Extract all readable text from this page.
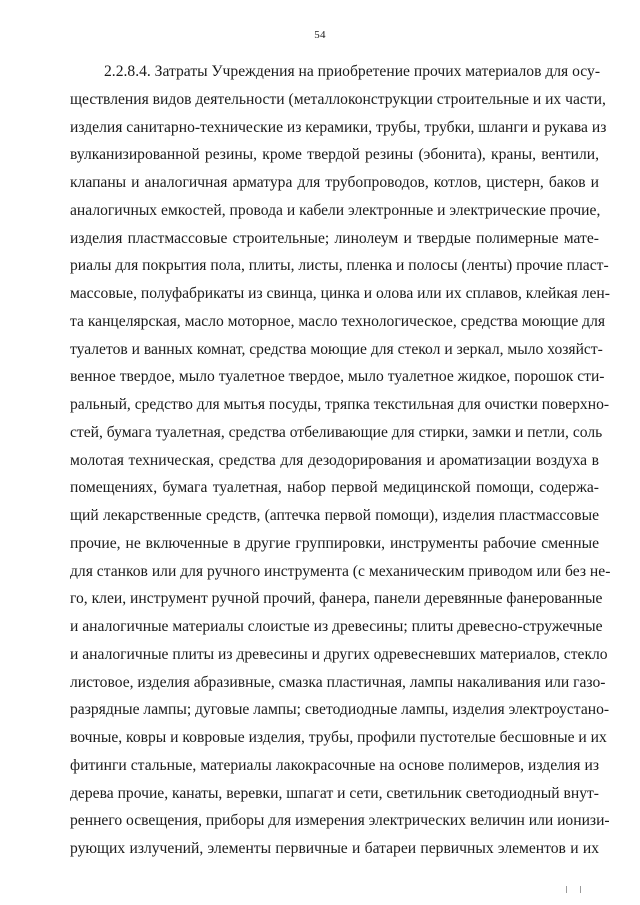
54
2.2.8.4. Затраты Учреждения на приобретение прочих материалов для осу-
ществления видов деятельности (металлоконструкции строительные и их части,
изделия санитарно-технические из керамики, трубы, трубки, шланги и рукава из
вулканизированной резины, кроме твердой резины (эбонита), краны, вентили,
клапаны и аналогичная арматура для трубопроводов, котлов, цистерн, баков и
аналогичных емкостей, провода и кабели электронные и электрические прочие,
изделия пластмассовые строительные; линолеум и твердые полимерные мате-
риалы для покрытия пола, плиты, листы, пленка и полосы (ленты) прочие пласт-
массовые, полуфабрикаты из свинца, цинка и олова или их сплавов, клейкая лен-
та канцелярская, масло моторное, масло технологическое, средства моющие для
туалетов и ванных комнат, средства моющие для стекол и зеркал, мыло хозяйст-
венное твердое, мыло туалетное твердое, мыло туалетное жидкое, порошок сти-
ральный, средство для мытья посуды, тряпка текстильная для очистки поверхно-
стей, бумага туалетная, средства отбеливающие для стирки, замки и петли, соль
молотая техническая, средства для дезодорирования и ароматизации воздуха в
помещениях, бумага туалетная, набор первой медицинской помощи, содержа-
щий лекарственные средств, (аптечка первой помощи), изделия пластмассовые
прочие, не включенные в другие группировки, инструменты рабочие сменные
для станков или для ручного инструмента (с механическим приводом или без не-
го, клеи, инструмент ручной прочий, фанера, панели деревянные фанерованные
и аналогичные материалы слоистые из древесины; плиты древесно-стружечные
и аналогичные плиты из древесины и других одревесневших материалов, стекло
листовое, изделия абразивные, смазка пластичная, лампы накаливания или газо-
разрядные лампы; дуговые лампы; светодиодные лампы, изделия электроустано-
вочные, ковры и ковровые изделия, трубы, профили пустотелые бесшовные и их
фитинги стальные, материалы лакокрасочные на основе полимеров, изделия из
дерева прочие, канаты, веревки, шпагат и сети, светильник светодиодный внут-
реннего освещения, приборы для измерения электрических величин или ионизи-
рующих излучений, элементы первичные и батареи первичных элементов и их
